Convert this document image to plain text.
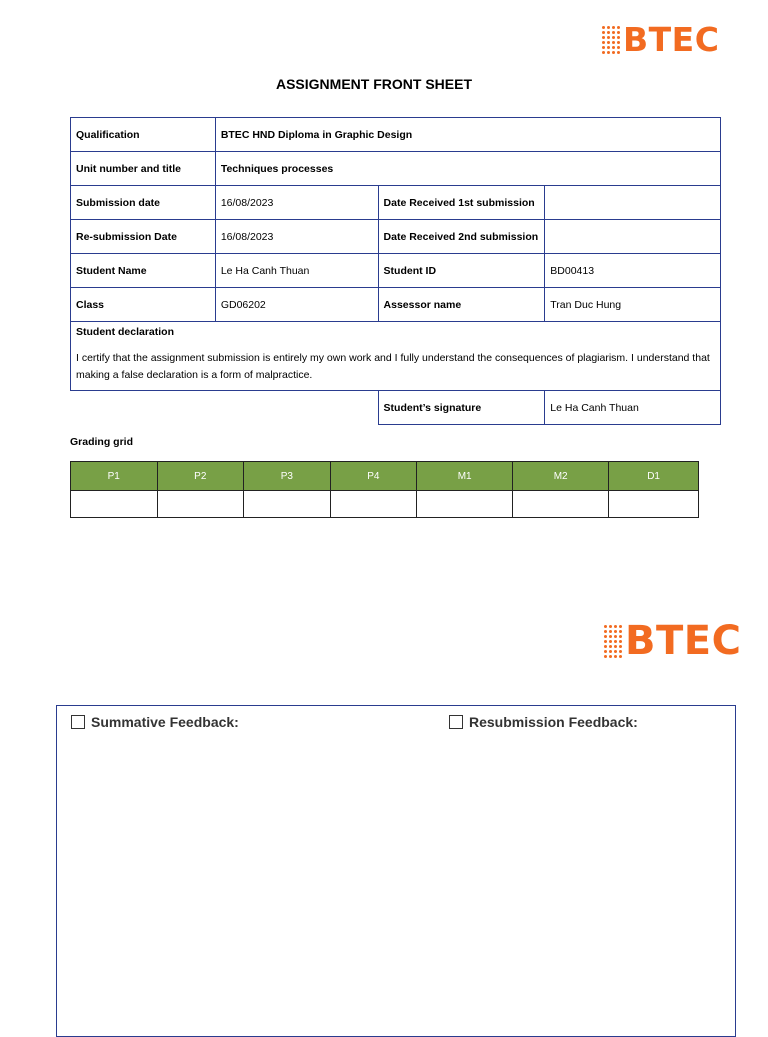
BTEC
ASSIGNMENT FRONT SHEET
Qualification	BTEC HND Diploma in Graphic Design		
Unit number and title	Techniques processes		
Submission date	16/08/2023	Date Received 1st submission	
Re-submission Date	16/08/2023	Date Received 2nd submission	
Student Name	Le Ha Canh Thuan	Student ID	BD00413
Class	GD06202	Assessor name	Tran Duc Hung

Student declaration
I certify that the assignment submission is entirely my own work and I fully understand the consequences of plagiarism. I understand that making a false declaration is a form of malpractice.			

		Student’s signature	Le Ha Canh Thuan
Grading grid
P1	P2	P3	P4	M1	M2	D1

BTEC
Summative Feedback:	Resubmission Feedback:
